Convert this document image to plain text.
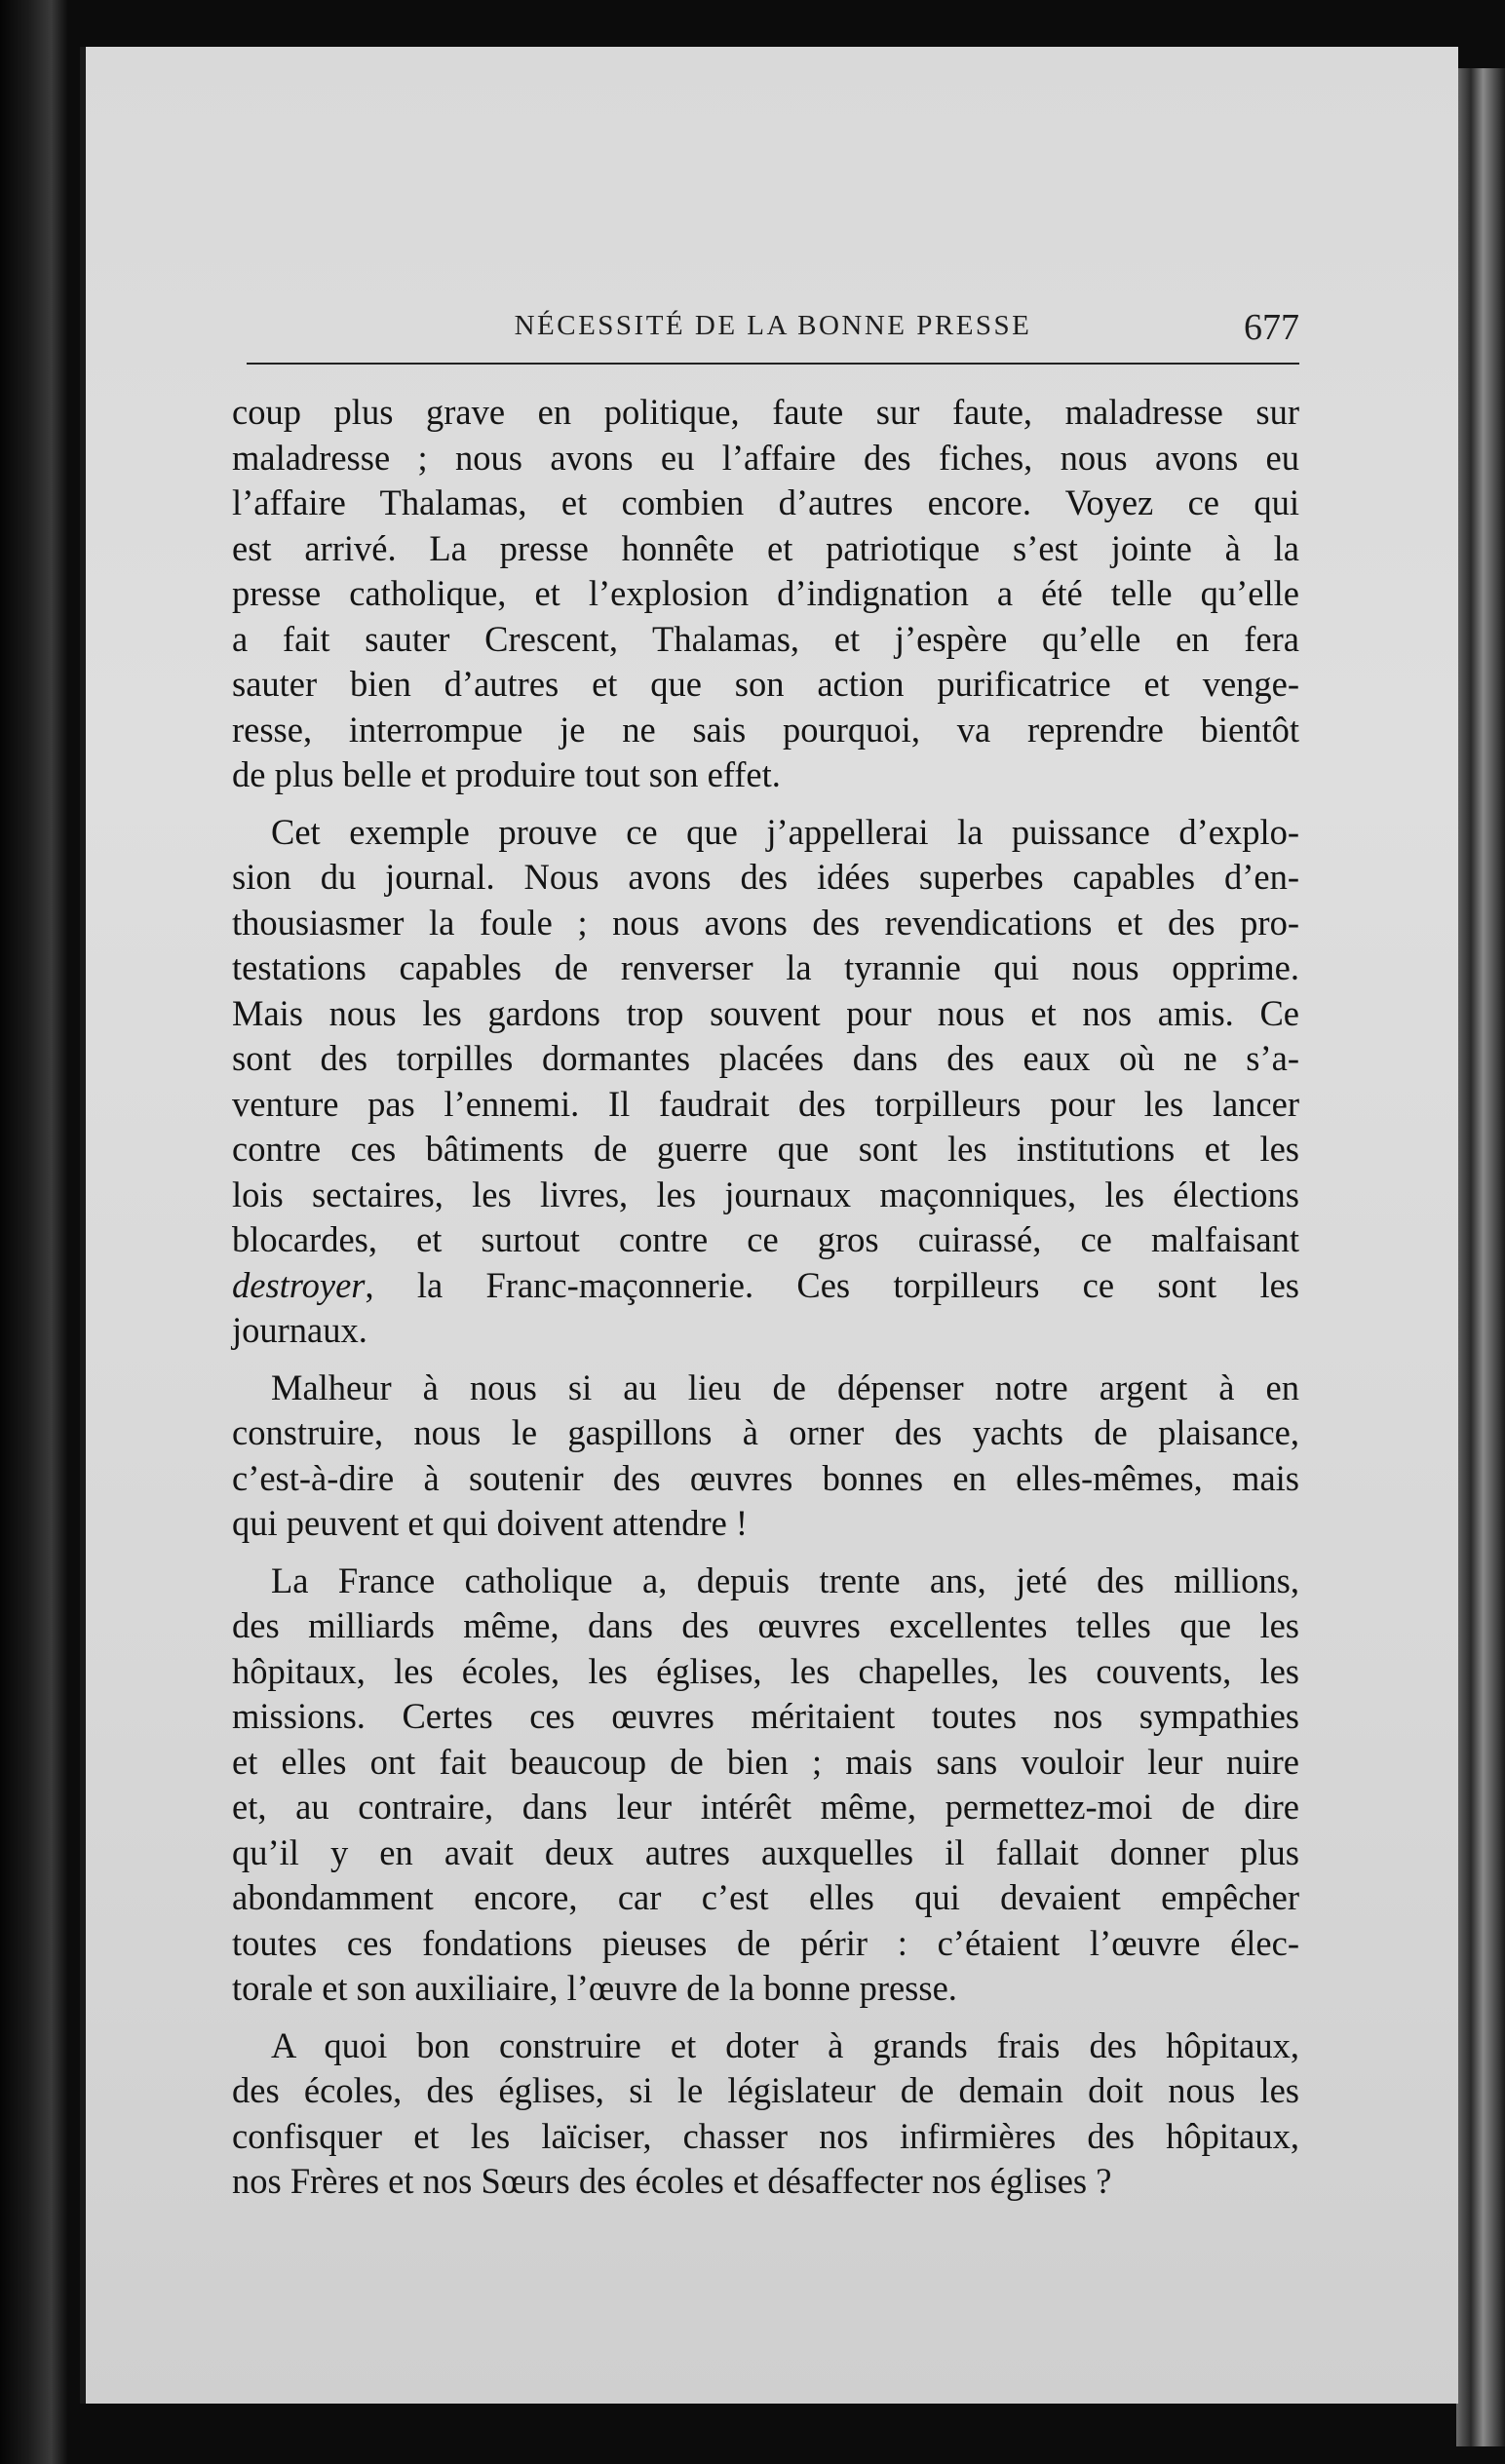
NÉCESSITÉ DE LA BONNE PRESSE	677
coup plus grave en politique, faute sur faute, maladresse sur
maladresse ; nous avons eu l’affaire des fiches, nous avons eu
l’affaire Thalamas, et combien d’autres encore. Voyez ce qui
est arrivé. La presse honnête et patriotique s’est jointe à la
presse catholique, et l’explosion d’indignation a été telle qu’elle
a fait sauter Crescent, Thalamas, et j’espère qu’elle en fera
sauter bien d’autres et que son action purificatrice et venge-
resse, interrompue je ne sais pourquoi, va reprendre bientôt
de plus belle et produire tout son effet.
Cet exemple prouve ce que j’appellerai la puissance d’explo-
sion du journal. Nous avons des idées superbes capables d’en-
thousiasmer la foule ; nous avons des revendications et des pro-
testations capables de renverser la tyrannie qui nous opprime.
Mais nous les gardons trop souvent pour nous et nos amis. Ce
sont des torpilles dormantes placées dans des eaux où ne s’a-
venture pas l’ennemi. Il faudrait des torpilleurs pour les lancer
contre ces bâtiments de guerre que sont les institutions et les
lois sectaires, les livres, les journaux maçonniques, les élections
blocardes, et surtout contre ce gros cuirassé, ce malfaisant
destroyer, la Franc-maçonnerie. Ces torpilleurs ce sont les
journaux.
Malheur à nous si au lieu de dépenser notre argent à en
construire, nous le gaspillons à orner des yachts de plaisance,
c’est-à-dire à soutenir des œuvres bonnes en elles-mêmes, mais
qui peuvent et qui doivent attendre !
La France catholique a, depuis trente ans, jeté des millions,
des milliards même, dans des œuvres excellentes telles que les
hôpitaux, les écoles, les églises, les chapelles, les couvents, les
missions. Certes ces œuvres méritaient toutes nos sympathies
et elles ont fait beaucoup de bien ; mais sans vouloir leur nuire
et, au contraire, dans leur intérêt même, permettez-moi de dire
qu’il y en avait deux autres auxquelles il fallait donner plus
abondamment encore, car c’est elles qui devaient empêcher
toutes ces fondations pieuses de périr : c’étaient l’œuvre élec-
torale et son auxiliaire, l’œuvre de la bonne presse.
A quoi bon construire et doter à grands frais des hôpitaux,
des écoles, des églises, si le législateur de demain doit nous les
confisquer et les laïciser, chasser nos infirmières des hôpitaux,
nos Frères et nos Sœurs des écoles et désaffecter nos églises ?
